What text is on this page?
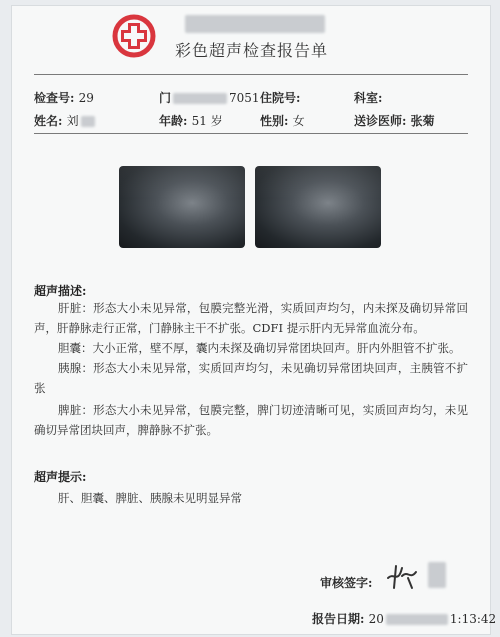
彩色超声检查报告单
检查号: 29	门	7051 住院号:	科室:
姓名: 刘	年龄: 51 岁	性别: 女	送诊医师: 张菊
超声描述:
肝脏：形态大小未见异常，包膜完整光滑，实质回声均匀，内未探及确切异常回声，肝静脉走行正常，门静脉主干不扩张。CDFI 提示肝内无异常血流分布。
胆囊：大小正常，壁不厚，囊内未探及确切异常团块回声。肝内外胆管不扩张。
胰腺：形态大小未见异常，实质回声均匀，未见确切异常团块回声，主胰管不扩张
脾脏：形态大小未见异常，包膜完整，脾门切迹清晰可见，实质回声均匀，未见确切异常团块回声，脾静脉不扩张。
超声提示:
肝、胆囊、脾脏、胰腺未见明显异常
审核签字:
报告日期: 20	1:13:42
